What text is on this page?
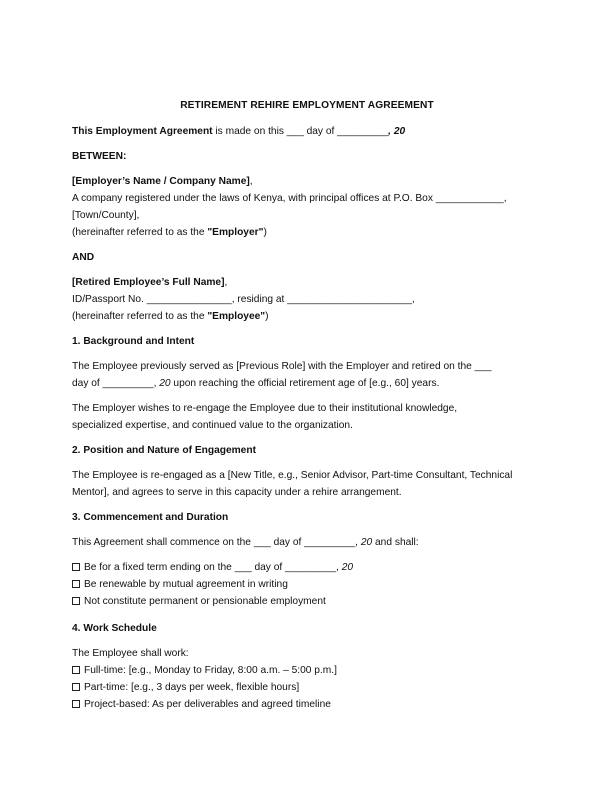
RETIREMENT REHIRE EMPLOYMENT AGREEMENT
This Employment Agreement is made on this ___ day of _________, 20
BETWEEN:
[Employer’s Name / Company Name],
A company registered under the laws of Kenya, with principal offices at P.O. Box ____________,
[Town/County],
(hereinafter referred to as the "Employer")
AND
[Retired Employee’s Full Name],
ID/Passport No. _______________, residing at ______________________,
(hereinafter referred to as the "Employee")
1. Background and Intent
The Employee previously served as [Previous Role] with the Employer and retired on the ___
day of _________, 20 upon reaching the official retirement age of [e.g., 60] years.
The Employer wishes to re-engage the Employee due to their institutional knowledge,
specialized expertise, and continued value to the organization.
2. Position and Nature of Engagement
The Employee is re-engaged as a [New Title, e.g., Senior Advisor, Part-time Consultant, Technical
Mentor], and agrees to serve in this capacity under a rehire arrangement.
3. Commencement and Duration
This Agreement shall commence on the ___ day of _________, 20 and shall:
Be for a fixed term ending on the ___ day of _________, 20
Be renewable by mutual agreement in writing
Not constitute permanent or pensionable employment
4. Work Schedule
The Employee shall work:
Full-time: [e.g., Monday to Friday, 8:00 a.m. – 5:00 p.m.]
Part-time: [e.g., 3 days per week, flexible hours]
Project-based: As per deliverables and agreed timeline
